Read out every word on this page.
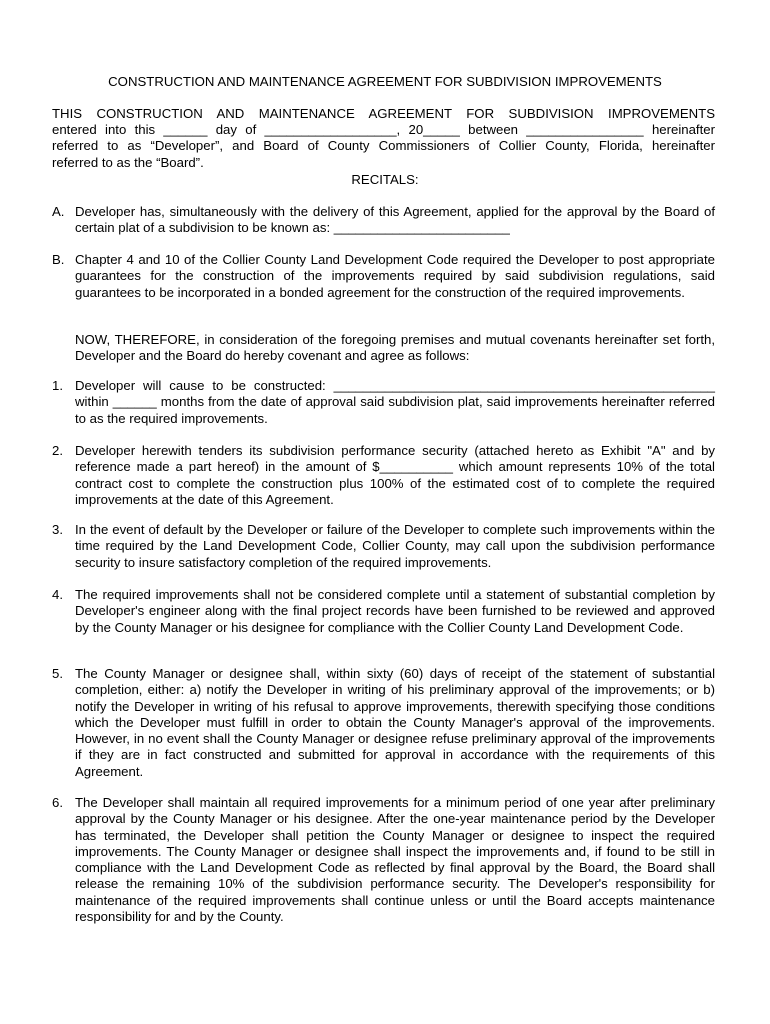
CONSTRUCTION AND MAINTENANCE AGREEMENT FOR SUBDIVISION IMPROVEMENTS
THIS CONSTRUCTION AND MAINTENANCE AGREEMENT FOR SUBDIVISION IMPROVEMENTS
entered into this ______ day of __________________, 20_____ between ________________ hereinafter
referred to as “Developer”, and Board of County Commissioners of Collier County, Florida, hereinafter
referred to as the “Board”.
RECITALS:
A. Developer has, simultaneously with the delivery of this Agreement, applied for the approval by the Board of certain plat of a subdivision to be known as: ________________________
B. Chapter 4 and 10 of the Collier County Land Development Code required the Developer to post appropriate guarantees for the construction of the improvements required by said subdivision regulations, said guarantees to be incorporated in a bonded agreement for the construction of the required improvements.
NOW, THEREFORE, in consideration of the foregoing premises and mutual covenants hereinafter set forth, Developer and the Board do hereby covenant and agree as follows:
1. Developer will cause to be constructed: ____________________________________________________ within ______ months from the date of approval said subdivision plat, said improvements hereinafter referred to as the required improvements.
2. Developer herewith tenders its subdivision performance security (attached hereto as Exhibit "A" and by reference made a part hereof) in the amount of $__________ which amount represents 10% of the total contract cost to complete the construction plus 100% of the estimated cost of to complete the required improvements at the date of this Agreement.
3. In the event of default by the Developer or failure of the Developer to complete such improvements within the time required by the Land Development Code, Collier County, may call upon the subdivision performance security to insure satisfactory completion of the required improvements.
4. The required improvements shall not be considered complete until a statement of substantial completion by Developer's engineer along with the final project records have been furnished to be reviewed and approved by the County Manager or his designee for compliance with the Collier County Land Development Code.
5. The County Manager or designee shall, within sixty (60) days of receipt of the statement of substantial completion, either: a) notify the Developer in writing of his preliminary approval of the improvements; or b) notify the Developer in writing of his refusal to approve improvements, therewith specifying those conditions which the Developer must fulfill in order to obtain the County Manager's approval of the improvements. However, in no event shall the County Manager or designee refuse preliminary approval of the improvements if they are in fact constructed and submitted for approval in accordance with the requirements of this Agreement.
6. The Developer shall maintain all required improvements for a minimum period of one year after preliminary approval by the County Manager or his designee. After the one-year maintenance period by the Developer has terminated, the Developer shall petition the County Manager or designee to inspect the required improvements. The County Manager or designee shall inspect the improvements and, if found to be still in compliance with the Land Development Code as reflected by final approval by the Board, the Board shall release the remaining 10% of the subdivision performance security. The Developer's responsibility for maintenance of the required improvements shall continue unless or until the Board accepts maintenance responsibility for and by the County.
